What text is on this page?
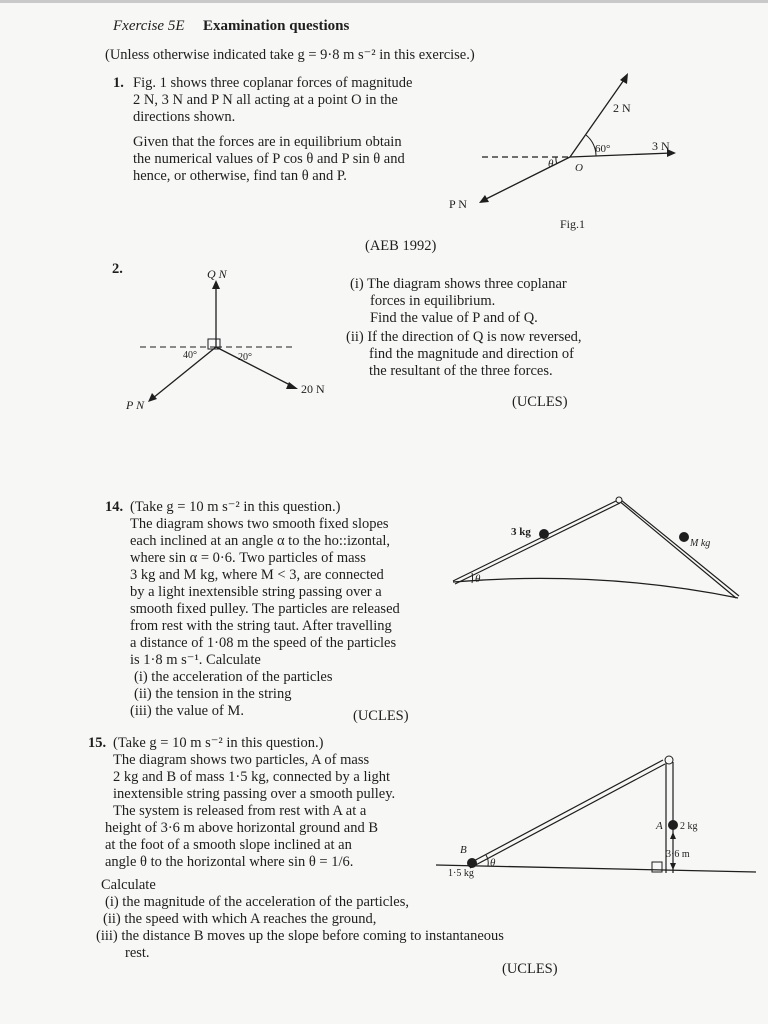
Fxercise 5E Examination questions
(Unless otherwise indicated take g = 9·8 m s⁻² in this exercise.)
1. Fig. 1 shows three coplanar forces of magnitude
2 N, 3 N and P N all acting at a point O in the
directions shown.
Given that the forces are in equilibrium obtain
the numerical values of P cos θ and P sin θ and
hence, or otherwise, find tan θ and P.
(AEB 1992)
2 N
3 N
P N
60°
θ O
Fig.1
2.
(i) The diagram shows three coplanar
forces in equilibrium.
Find the value of P and of Q.
(ii) If the direction of Q is now reversed,
find the magnitude and direction of
the resultant of the three forces.
(UCLES)
Q N
P N
20 N
40°	20°
14. (Take g = 10 m s⁻² in this question.)
The diagram shows two smooth fixed slopes
each inclined at an angle α to the ho::izontal,
where sin α = 0·6. Two particles of mass
3 kg and M kg, where M < 3, are connected
by a light inextensible string passing over a
smooth fixed pulley. The particles are released
from rest with the string taut. After travelling
a distance of 1·08 m the speed of the particles
is 1·8 m s⁻¹. Calculate
(i) the acceleration of the particles
(ii) the tension in the string
(iii) the value of M.	(UCLES)
3 kg
M kg
θ
15. (Take g = 10 m s⁻² in this question.)
The diagram shows two particles, A of mass
2 kg and B of mass 1·5 kg, connected by a light
inextensible string passing over a smooth pulley.
The system is released from rest with A at a
height of 3·6 m above horizontal ground and B
at the foot of a smooth slope inclined at an
angle θ to the horizontal where sin θ = 1/6.
Calculate
(i) the magnitude of the acceleration of the particles,
(ii) the speed with which A reaches the ground,
(iii) the distance B moves up the slope before coming to instantaneous
rest.
(UCLES)
B
1·5 kg
θ
A 2 kg
3·6 m
